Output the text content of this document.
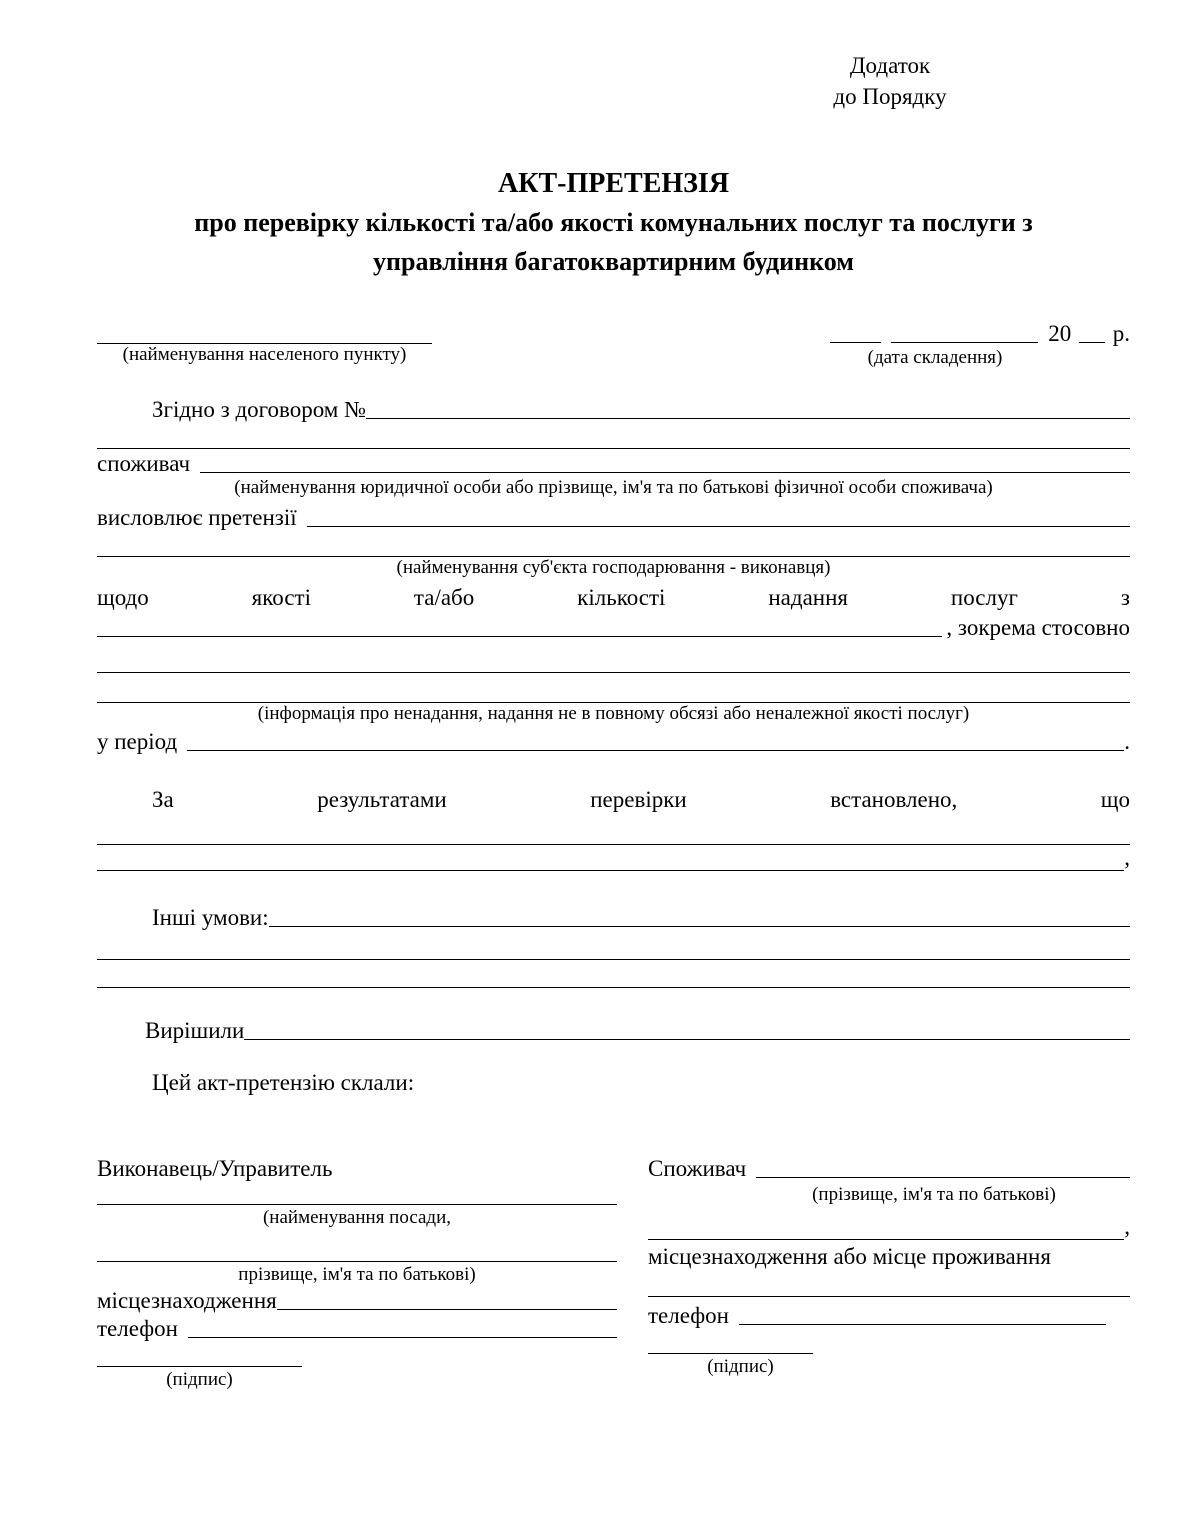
Додаток
до Порядку
АКТ-ПРЕТЕНЗІЯ
про перевірку кількості та/або якості комунальних послуг та послуги з
управління багатоквартирним будинком
(найменування населеного пункту)
20 р.
(дата складення)
Згідно з договором №
споживач
(найменування юридичної особи або прізвище, ім'я та по батькові фізичної особи споживача)
висловлює претензії
(найменування суб'єкта господарювання - виконавця)
щодо	якості	та/або	кількості	надання	послуг	з
, зокрема стосовно
(інформація про ненадання, надання не в повному обсязі або неналежної якості послуг)
у період	.
За	результатами	перевірки	встановлено,	що
,
Інші умови:
Вирішили
Цей акт-претензію склали:
Виконавець/Управитель
(найменування посади,
прізвище, ім'я та по батькові)
місцезнаходження
телефон
(підпис)
Споживач
(прізвище, ім'я та по батькові)
,
місцезнаходження або місце проживання
телефон
(підпис)
